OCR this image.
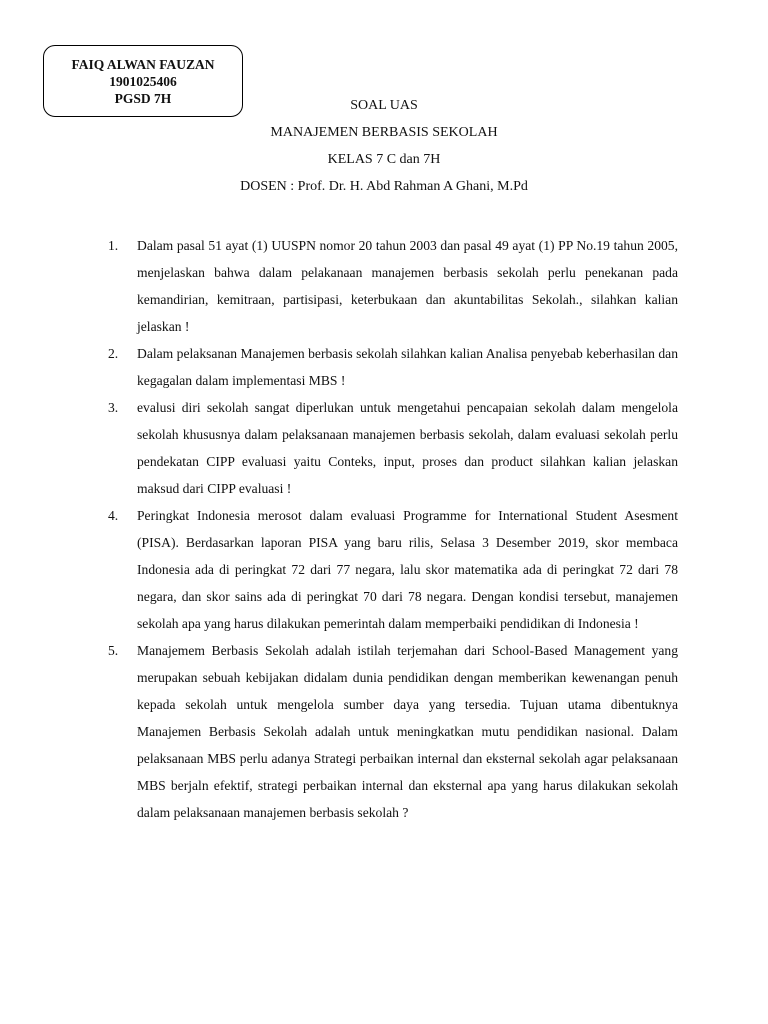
FAIQ ALWAN FAUZAN
1901025406
PGSD 7H	SOAL UAS
MANAJEMEN BERBASIS SEKOLAH
KELAS 7 C dan 7H
DOSEN : Prof. Dr. H. Abd Rahman A Ghani, M.Pd
1. Dalam pasal 51 ayat (1) UUSPN nomor 20 tahun 2003 dan pasal 49 ayat (1) PP No.19 tahun 2005, menjelaskan bahwa dalam pelakanaan manajemen berbasis sekolah perlu penekanan pada kemandirian, kemitraan, partisipasi, keterbukaan dan akuntabilitas Sekolah., silahkan kalian jelaskan !
2. Dalam pelaksanan Manajemen berbasis sekolah silahkan kalian Analisa penyebab keberhasilan dan kegagalan dalam implementasi MBS !
3. evalusi diri sekolah sangat diperlukan untuk mengetahui pencapaian sekolah dalam mengelola sekolah khususnya dalam pelaksanaan manajemen berbasis sekolah, dalam evaluasi sekolah perlu pendekatan CIPP evaluasi yaitu Conteks, input, proses dan product silahkan kalian jelaskan maksud dari CIPP evaluasi !
4. Peringkat Indonesia merosot dalam evaluasi Programme for International Student Asesment (PISA). Berdasarkan laporan PISA yang baru rilis, Selasa 3 Desember 2019, skor membaca Indonesia ada di peringkat 72 dari 77 negara, lalu skor matematika ada di peringkat 72 dari 78 negara, dan skor sains ada di peringkat 70 dari 78 negara. Dengan kondisi tersebut, manajemen sekolah apa yang harus dilakukan pemerintah dalam memperbaiki pendidikan di Indonesia !
5. Manajemem Berbasis Sekolah adalah istilah terjemahan dari School-Based Management yang merupakan sebuah kebijakan didalam dunia pendidikan dengan memberikan kewenangan penuh kepada sekolah untuk mengelola sumber daya yang tersedia. Tujuan utama dibentuknya Manajemen Berbasis Sekolah adalah untuk meningkatkan mutu pendidikan nasional. Dalam pelaksanaan MBS perlu adanya Strategi perbaikan internal dan eksternal sekolah agar pelaksanaan MBS berjaln efektif, strategi perbaikan internal dan eksternal apa yang harus dilakukan sekolah dalam pelaksanaan manajemen berbasis sekolah ?
